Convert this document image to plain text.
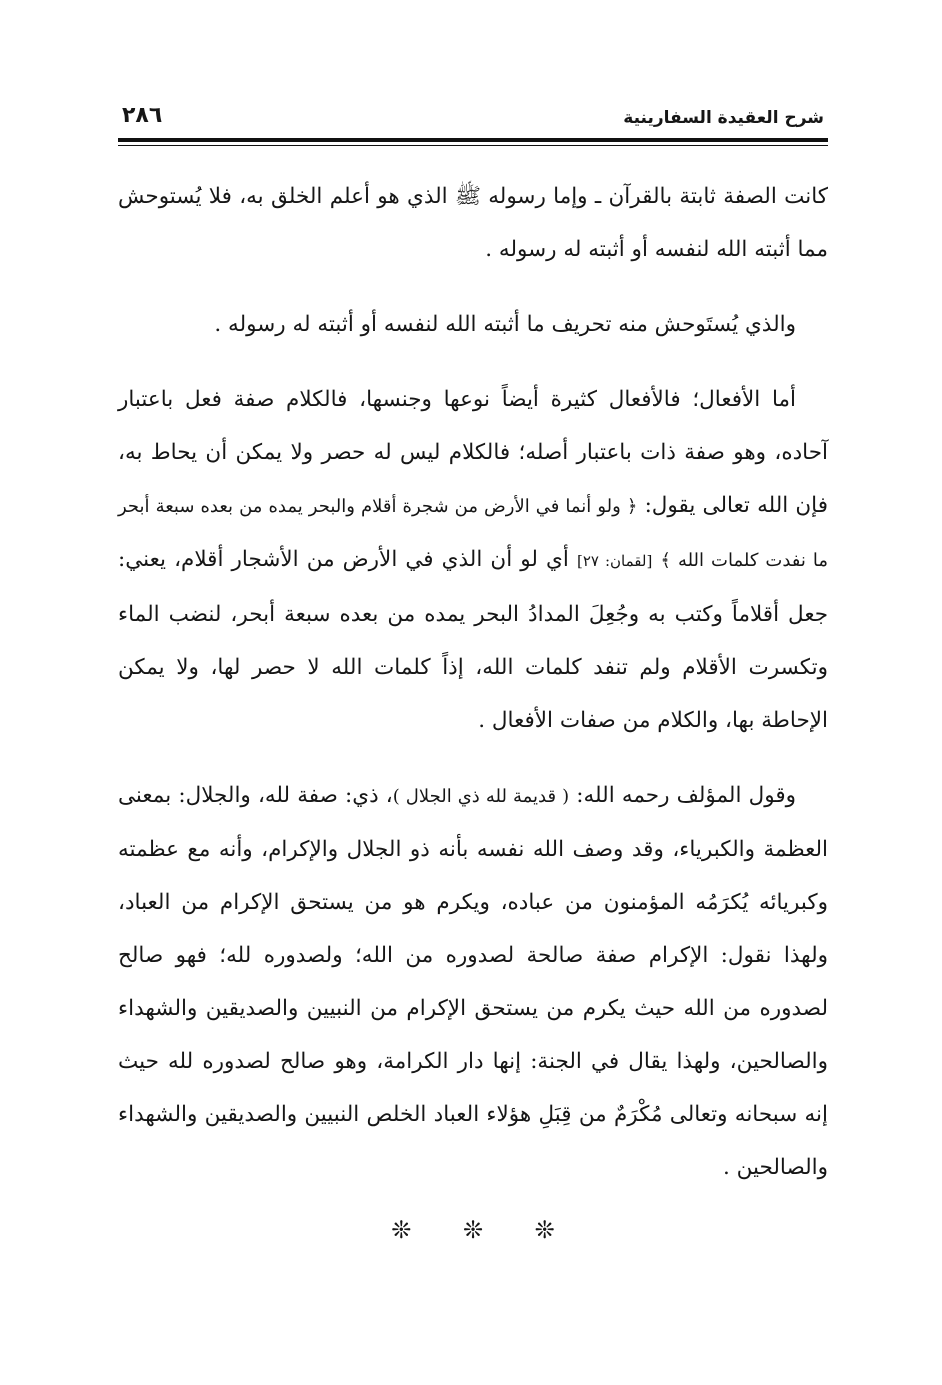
شرح العقيدة السفارينية
٢٨٦

كانت الصفة ثابتة بالقرآن ـ وإما رسوله ﷺ الذي هو أعلم الخلق به، فلا يُستوحش مما أثبته الله لنفسه أو أثبته له رسوله .

والذي يُستَوحش منه تحريف ما أثبته الله لنفسه أو أثبته له رسوله .

أما الأفعال؛ فالأفعال كثيرة أيضاً نوعها وجنسها، فالكلام صفة فعل باعتبار آحاده، وهو صفة ذات باعتبار أصله؛ فالكلام ليس له حصر ولا يمكن أن يحاط به، فإن الله تعالى يقول: ﴿ ولو أنما في الأرض من شجرة أقلام والبحر يمده من بعده سبعة أبحر ما نفدت كلمات الله ﴾ [لقمان: ٢٧] أي لو أن الذي في الأرض من الأشجار أقلام، يعني: جعل أقلاماً وكتب به وجُعِلَ المدادُ البحر يمده من بعده سبعة أبحر، لنضب الماء وتكسرت الأقلام ولم تنفد كلمات الله، إذاً كلمات الله لا حصر لها، ولا يمكن الإحاطة بها، والكلام من صفات الأفعال .

وقول المؤلف رحمه الله: ( قديمة لله ذي الجلال )، ذي: صفة لله، والجلال: بمعنى العظمة والكبرياء، وقد وصف الله نفسه بأنه ذو الجلال والإكرام، وأنه مع عظمته وكبريائه يُكرَمُه المؤمنون من عباده، ويكرم هو من يستحق الإكرام من العباد، ولهذا نقول: الإكرام صفة صالحة لصدوره من الله؛ ولصدوره لله؛ فهو صالح لصدوره من الله حيث يكرم من يستحق الإكرام من النبيين والصديقين والشهداء والصالحين، ولهذا يقال في الجنة: إنها دار الكرامة، وهو صالح لصدوره لله حيث إنه سبحانه وتعالى مُكْرَمٌ من قِبَلِ هؤلاء العباد الخلص النبيين والصديقين والشهداء والصالحين .

❊ ❊ ❊
